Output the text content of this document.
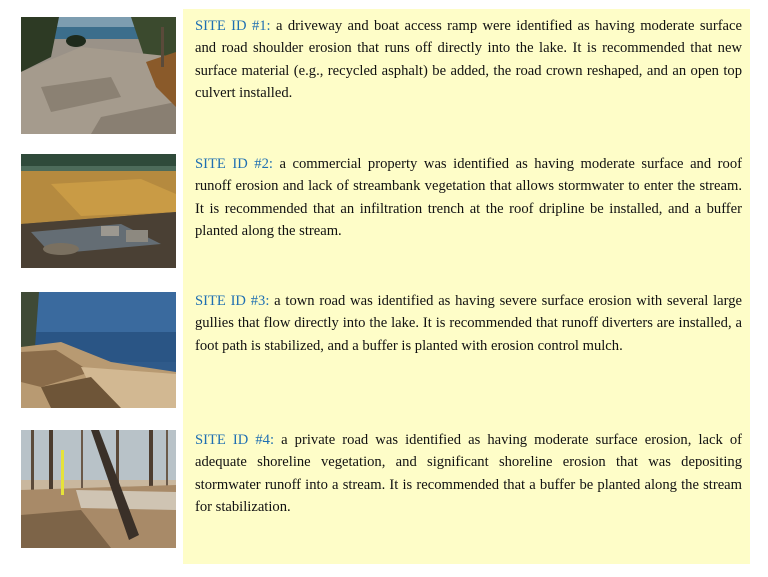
SITE ID #1: a driveway and boat access ramp were identified as having moderate surface and road shoulder erosion that runs off directly into the lake. It is recommended that new surface material (e.g., recycled asphalt) be added, the road crown reshaped, and an open top culvert installed.
SITE ID #2: a commercial property was identified as having moderate surface and roof runoff erosion and lack of streambank vegetation that allows stormwater to enter the stream. It is recommended that an infiltration trench at the roof dripline be installed, and a buffer planted along the stream.
SITE ID #3: a town road was identified as having severe surface erosion with several large gullies that flow directly into the lake. It is recommended that runoff diverters are installed, a foot path is stabilized, and a buffer is planted with erosion control mulch.
SITE ID #4: a private road was identified as having moderate surface erosion, lack of adequate shoreline vegetation, and significant shoreline erosion that was depositing stormwater runoff into a stream. It is recommended that a buffer be planted along the stream for stabilization.
